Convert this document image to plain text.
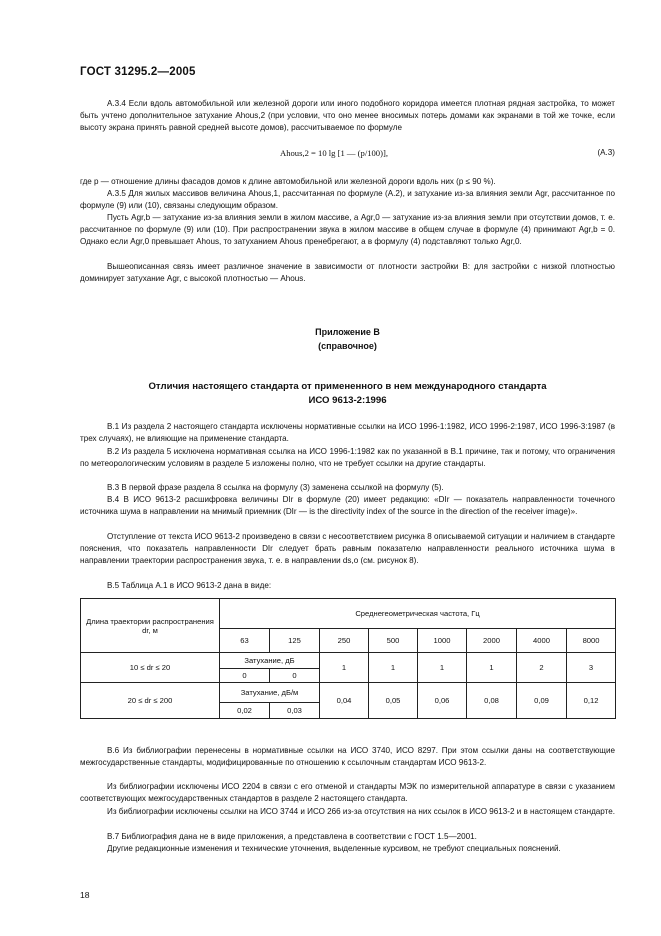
ГОСТ 31295.2—2005
А.3.4 Если вдоль автомобильной или железной дороги или иного подобного коридора имеется плотная рядная застройка, то может быть учтено дополнительное затухание Ahous,2 (при условии, что оно менее вносимых потерь домами как экранами в той же точке, если высоту экрана принять равной средней высоте домов), рассчитываемое по формуле
Ahous,2 = 10 lg [1 — (p/100)],	(А.3)
где p — отношение длины фасадов домов к длине автомобильной или железной дороги вдоль них (p ≤ 90 %).
А.3.5 Для жилых массивов величина Ahous,1, рассчитанная по формуле (А.2), и затухание из-за влияния земли Agr, рассчитанное по формуле (9) или (10), связаны следующим образом.
Пусть Agr,b — затухание из-за влияния земли в жилом массиве, а Agr,0 — затухание из-за влияния земли при отсутствии домов, т. е. рассчитанное по формуле (9) или (10). При распространении звука в жилом массиве в общем случае в формуле (4) принимают Agr,b = 0. Однако если Agr,0 превышает Ahous, то затуханием Ahous пренебрегают, а в формулу (4) подставляют только Agr,0.
Вышеописанная связь имеет различное значение в зависимости от плотности застройки B: для застройки с низкой плотностью доминирует затухание Agr, с высокой плотностью — Ahous.
Приложение В
(справочное)
Отличия настоящего стандарта от примененного в нем международного стандарта
ИСО 9613-2:1996
В.1 Из раздела 2 настоящего стандарта исключены нормативные ссылки на ИСО 1996-1:1982, ИСО 1996-2:1987, ИСО 1996-3:1987 (в трех случаях), не влияющие на применение стандарта.
В.2 Из раздела 5 исключена нормативная ссылка на ИСО 1996-1:1982 как по указанной в В.1 причине, так и потому, что ограничения по метеорологическим условиям в разделе 5 изложены полно, что не требует ссылки на другие стандарты.
В.3 В первой фразе раздела 8 ссылка на формулу (3) заменена ссылкой на формулу (5).
В.4 В ИСО 9613-2 расшифровка величины DIr в формуле (20) имеет редакцию: «DIr — показатель направленности точечного источника шума в направлении на мнимый приемник (DIr — is the directivity index of the source in the direction of the receiver image)».
Отступление от текста ИСО 9613-2 произведено в связи с несоответствием рисунка 8 описываемой ситуации и наличием в стандарте пояснения, что показатель направленности DIr следует брать равным показателю направленности реального источника шума в направлении траектории распространения звука, т. е. в направлении ds,o (см. рисунок 8).
В.5 Таблица А.1 в ИСО 9613-2 дана в виде:
Длина траектории распространения dr, м	Среднегеометрическая частота, Гц							
	63	125	250	500	1000	2000	4000	8000
10 ≤ dr ≤ 20	Затухание, дБ		1	1	1	1	2	3
	0	0						
20 ≤ dr ≤ 200	Затухание, дБ/м		0,04	0,05	0,06	0,08	0,09	0,12
	0,02	0,03						
В.6 Из библиографии перенесены в нормативные ссылки на ИСО 3740, ИСО 8297. При этом ссылки даны на соответствующие межгосударственные стандарты, модифицированные по отношению к ссылочным стандартам ИСО 9613-2.
Из библиографии исключены ИСО 2204 в связи с его отменой и стандарты МЭК по измерительной аппаратуре в связи с указанием соответствующих межгосударственных стандартов в разделе 2 настоящего стандарта.
Из библиографии исключены ссылки на ИСО 3744 и ИСО 266 из-за отсутствия на них ссылок в ИСО 9613-2 и в настоящем стандарте.
В.7 Библиография дана не в виде приложения, а представлена в соответствии с ГОСТ 1.5—2001.
Другие редакционные изменения и технические уточнения, выделенные курсивом, не требуют специальных пояснений.
18
